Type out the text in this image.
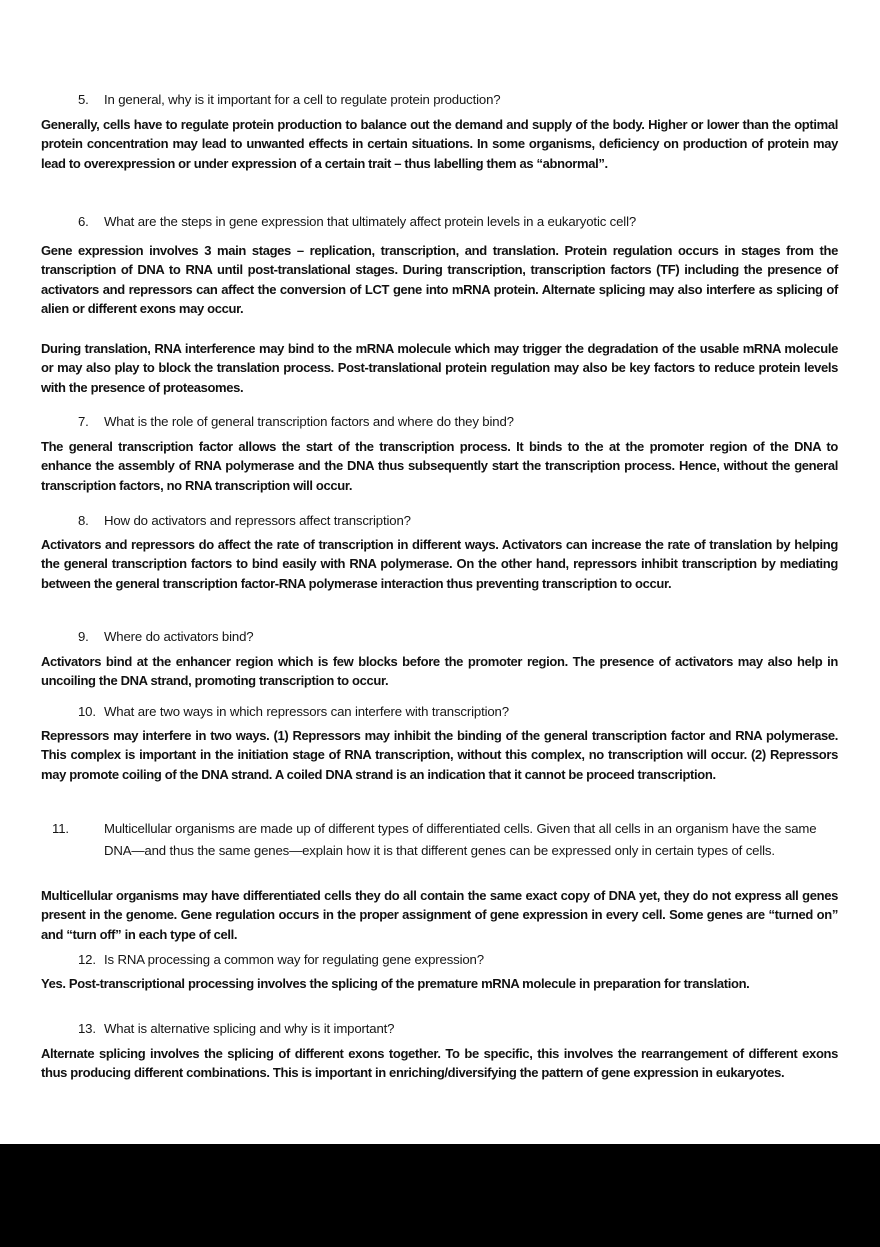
5. In general, why is it important for a cell to regulate protein production?
Generally, cells have to regulate protein production to balance out the demand and supply of the body. Higher or lower than the optimal protein concentration may lead to unwanted effects in certain situations. In some organisms, deficiency on production of protein may lead to overexpression or under expression of a certain trait – thus labelling them as “abnormal”.
6. What are the steps in gene expression that ultimately affect protein levels in a eukaryotic cell?
Gene expression involves 3 main stages – replication, transcription, and translation. Protein regulation occurs in stages from the transcription of DNA to RNA until post-translational stages. During transcription, transcription factors (TF) including the presence of activators and repressors can affect the conversion of LCT gene into mRNA protein. Alternate splicing may also interfere as splicing of alien or different exons may occur.
During translation, RNA interference may bind to the mRNA molecule which may trigger the degradation of the usable mRNA molecule or may also play to block the translation process. Post-translational protein regulation may also be key factors to reduce protein levels with the presence of proteasomes.
7. What is the role of general transcription factors and where do they bind?
The general transcription factor allows the start of the transcription process. It binds to the at the promoter region of the DNA to enhance the assembly of RNA polymerase and the DNA thus subsequently start the transcription process. Hence, without the general transcription factors, no RNA transcription will occur.
8. How do activators and repressors affect transcription?
Activators and repressors do affect the rate of transcription in different ways. Activators can increase the rate of translation by helping the general transcription factors to bind easily with RNA polymerase. On the other hand, repressors inhibit transcription by mediating between the general transcription factor-RNA polymerase interaction thus preventing transcription to occur.
9. Where do activators bind?
Activators bind at the enhancer region which is few blocks before the promoter region. The presence of activators may also help in uncoiling the DNA strand, promoting transcription to occur.
10. What are two ways in which repressors can interfere with transcription?
Repressors may interfere in two ways. (1) Repressors may inhibit the binding of the general transcription factor and RNA polymerase. This complex is important in the initiation stage of RNA transcription, without this complex, no transcription will occur. (2) Repressors may promote coiling of the DNA strand. A coiled DNA strand is an indication that it cannot be proceed transcription.
11.	Multicellular organisms are made up of different types of differentiated cells. Given that all cells in an organism have the same DNA—and thus the same genes—explain how it is that different genes can be expressed only in certain types of cells.
Multicellular organisms may have differentiated cells they do all contain the same exact copy of DNA yet, they do not express all genes present in the genome. Gene regulation occurs in the proper assignment of gene expression in every cell. Some genes are “turned on” and “turn off” in each type of cell.
12. Is RNA processing a common way for regulating gene expression?
Yes. Post-transcriptional processing involves the splicing of the premature mRNA molecule in preparation for translation.
13. What is alternative splicing and why is it important?
Alternate splicing involves the splicing of different exons together. To be specific, this involves the rearrangement of different exons thus producing different combinations. This is important in enriching/diversifying the pattern of gene expression in eukaryotes.
